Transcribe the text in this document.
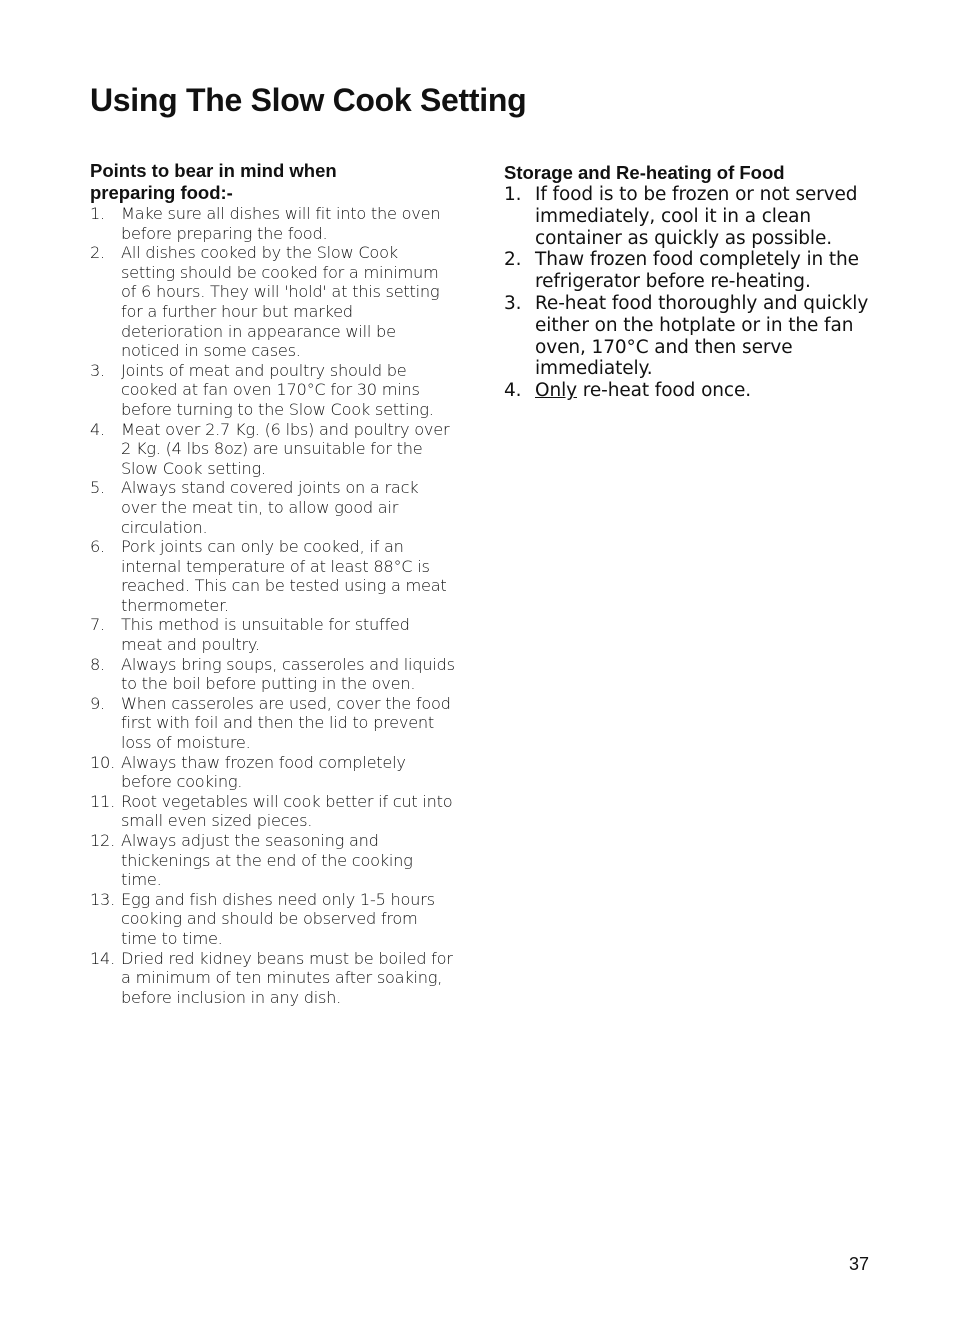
Using The Slow Cook Setting
Points to bear in mind when
preparing food:-
1. Make sure all dishes will fit into the oven before preparing the food.
2. All dishes cooked by the Slow Cook setting should be cooked for a minimum of 6 hours. They will 'hold' at this setting for a further hour but marked deterioration in appearance will be noticed in some cases.
3. Joints of meat and poultry should be cooked at fan oven 170°C for 30 mins before turning to the Slow Cook setting.
4. Meat over 2.7 Kg. (6 lbs) and poultry over 2 Kg. (4 lbs 8oz) are unsuitable for the Slow Cook setting.
5. Always stand covered joints on a rack over the meat tin, to allow good air circulation.
6. Pork joints can only be cooked, if an internal temperature of at least 88°C is reached. This can be tested using a meat thermometer.
7. This method is unsuitable for stuffed meat and poultry.
8. Always bring soups, casseroles and liquids to the boil before putting in the oven.
9. When casseroles are used, cover the food first with foil and then the lid to prevent loss of moisture.
10. Always thaw frozen food completely before cooking.
11. Root vegetables will cook better if cut into small even sized pieces.
12. Always adjust the seasoning and thickenings at the end of the cooking time.
13. Egg and fish dishes need only 1-5 hours cooking and should be observed from time to time.
14. Dried red kidney beans must be boiled for a minimum of ten minutes after soaking, before inclusion in any dish.
Storage and Re-heating of Food
1. If food is to be frozen or not served immediately, cool it in a clean container as quickly as possible.
2. Thaw frozen food completely in the refrigerator before re-heating.
3. Re-heat food thoroughly and quickly either on the hotplate or in the fan oven, 170°C and then serve immediately.
4. Only re-heat food once.
37
